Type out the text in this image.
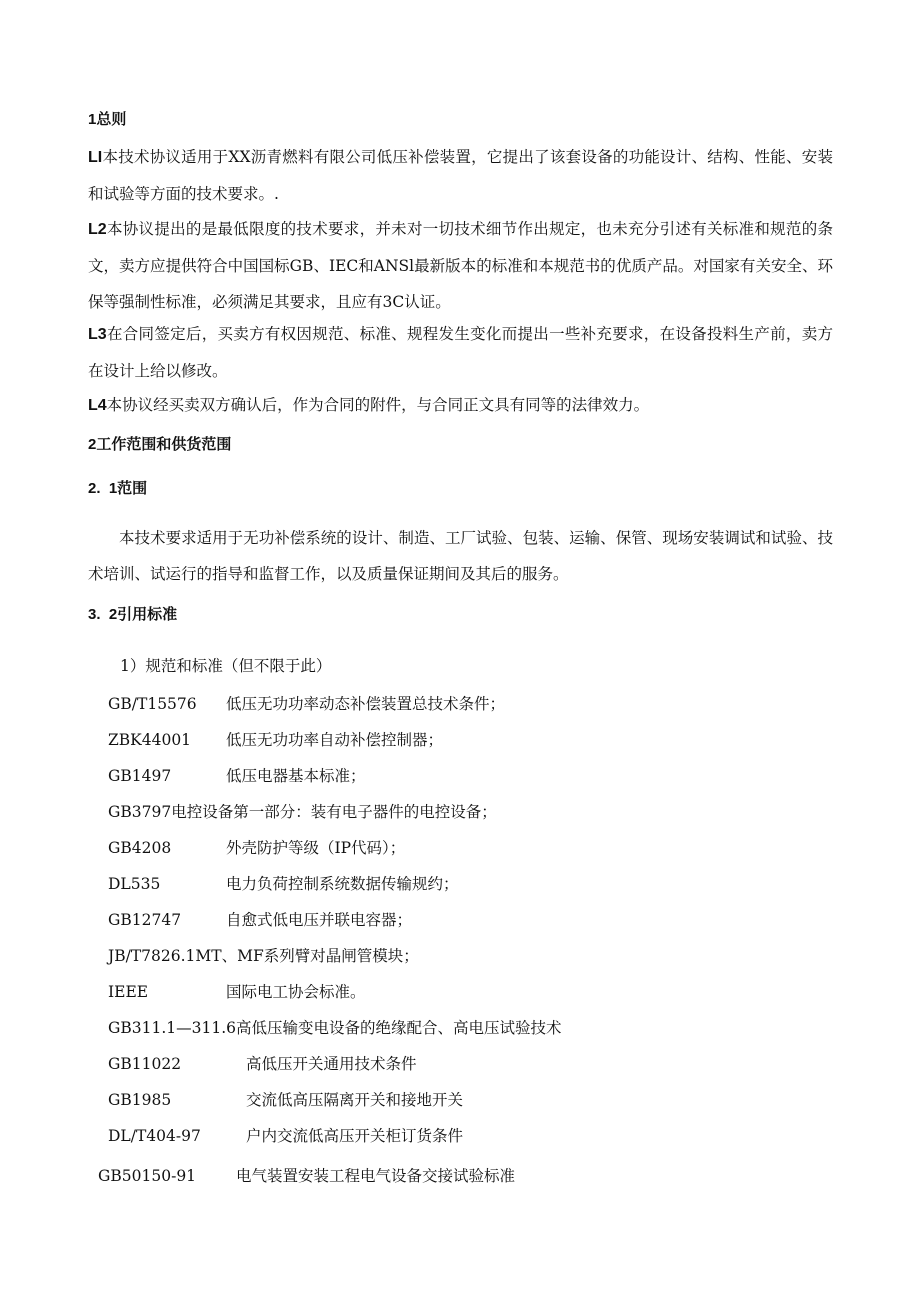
1总则
LI本技术协议适用于XX沥青燃料有限公司低压补偿装置，它提出了该套设备的功能设计、结构、性能、安装和试验等方面的技术要求。.
L2本协议提出的是最低限度的技术要求，并未对一切技术细节作出规定，也未充分引述有关标准和规范的条文，卖方应提供符合中国国标GB、IEC和ANSl最新版本的标准和本规范书的优质产品。对国家有关安全、环保等强制性标准，必须满足其要求，且应有3C认证。
L3在合同签定后，买卖方有权因规范、标准、规程发生变化而提出一些补充要求，在设备投料生产前，卖方在设计上给以修改。
L4本协议经买卖双方确认后，作为合同的附件，与合同正文具有同等的法律效力。
2工作范围和供货范围
2.  1范围
本技术要求适用于无功补偿系统的设计、制造、工厂试验、包装、运输、保管、现场安装调试和试验、技术培训、试运行的指导和监督工作，以及质量保证期间及其后的服务。
3.  2引用标准
1）规范和标准（但不限于此）
GB/T15576 低压无功功率动态补偿装置总技术条件；
ZBK44001 低压无功功率自动补偿控制器；
GB1497	低压电器基本标准；
GB3797电控设备第一部分：装有电子器件的电控设备；
GB4208	外壳防护等级（IP代码）；
DL535	电力负荷控制系统数据传输规约；
GB12747	自愈式低电压并联电容器；
JB/T7826.1MT、MF系列臂对晶闸管模块；
IEEE	国际电工协会标准。
GB311.1—311.6高低压输变电设备的绝缘配合、高电压试验技术
GB11022	高低压开关通用技术条件
GB1985	交流低高压隔离开关和接地开关
DL/T404-97	户内交流低高压开关柜订货条件
GB50150-91	电气装置安装工程电气设备交接试验标准
